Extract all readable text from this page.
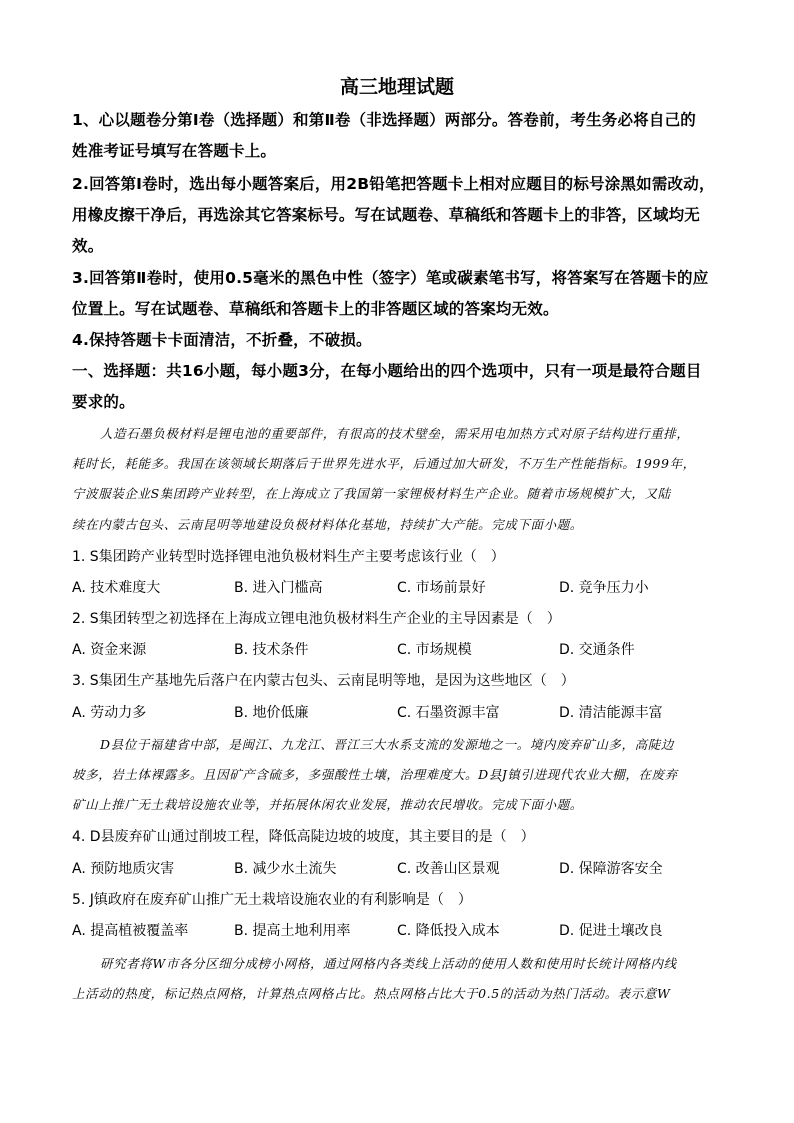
高三地理试题
1、心以题卷分第Ⅰ卷（选择题）和第Ⅱ卷（非选择题）两部分。答卷前，考生务必将自己的
姓准考证号填写在答题卡上。
2.回答第Ⅰ卷时，选出每小题答案后，用2B铅笔把答题卡上相对应题目的标号涂黑如需改动，
用橡皮擦干净后，再选涂其它答案标号。写在试题卷、草稿纸和答题卡上的非答，区域均无
效。
3.回答第Ⅱ卷时，使用0.5毫米的黑色中性（签字）笔或碳素笔书写，将答案写在答题卡的应
位置上。写在试题卷、草稿纸和答题卡上的非答题区域的答案均无效。
4.保持答题卡卡面清洁，不折叠，不破损。
一、选择题：共16小题，每小题3分，在每小题给出的四个选项中，只有一项是最符合题目
要求的。
人造石墨负极材料是锂电池的重要部件，有很高的技术壁垒，需采用电加热方式对原子结构进行重排，
耗时长，耗能多。我国在该领域长期落后于世界先进水平，后通过加大研发，不万生产性能指标。1999年，
宁波服装企业S集团跨产业转型，在上海成立了我国第一家锂极材料生产企业。随着市场规模扩大，又陆
续在内蒙古包头、云南昆明等地建设负极材料体化基地，持续扩大产能。完成下面小题。
1. S集团跨产业转型时选择锂电池负极材料生产主要考虑该行业（　）
A. 技术难度大	B. 进入门槛高	C. 市场前景好	D. 竞争压力小
2. S集团转型之初选择在上海成立锂电池负极材料生产企业的主导因素是（　）
A. 资金来源	B. 技术条件	C. 市场规模	D. 交通条件
3. S集团生产基地先后落户在内蒙古包头、云南昆明等地，是因为这些地区（　）
A. 劳动力多	B. 地价低廉	C. 石墨资源丰富	D. 清洁能源丰富
D县位于福建省中部，是闽江、九龙江、晋江三大水系支流的发源地之一。境内废弃矿山多，高陡边
坡多，岩土体裸露多。且因矿产含硫多，多强酸性土壤，治理难度大。D县J镇引进现代农业大棚，在废弃
矿山上推广无土栽培设施农业等，并拓展休闲农业发展，推动农民增收。完成下面小题。
4. D县废弃矿山通过削坡工程，降低高陡边坡的坡度，其主要目的是（　）
A. 预防地质灾害	B. 减少水土流失	C. 改善山区景观	D. 保障游客安全
5. J镇政府在废弃矿山推广无土栽培设施农业的有利影响是（　）
A. 提高植被覆盖率	B. 提高土地利用率	C. 降低投入成本	D. 促进土壤改良
研究者将W市各分区细分成榜小网格，通过网格内各类线上活动的使用人数和使用时长统计网格内线
上活动的热度，标记热点网格，计算热点网格占比。热点网格占比大于0.5的活动为热门活动。表示意W
